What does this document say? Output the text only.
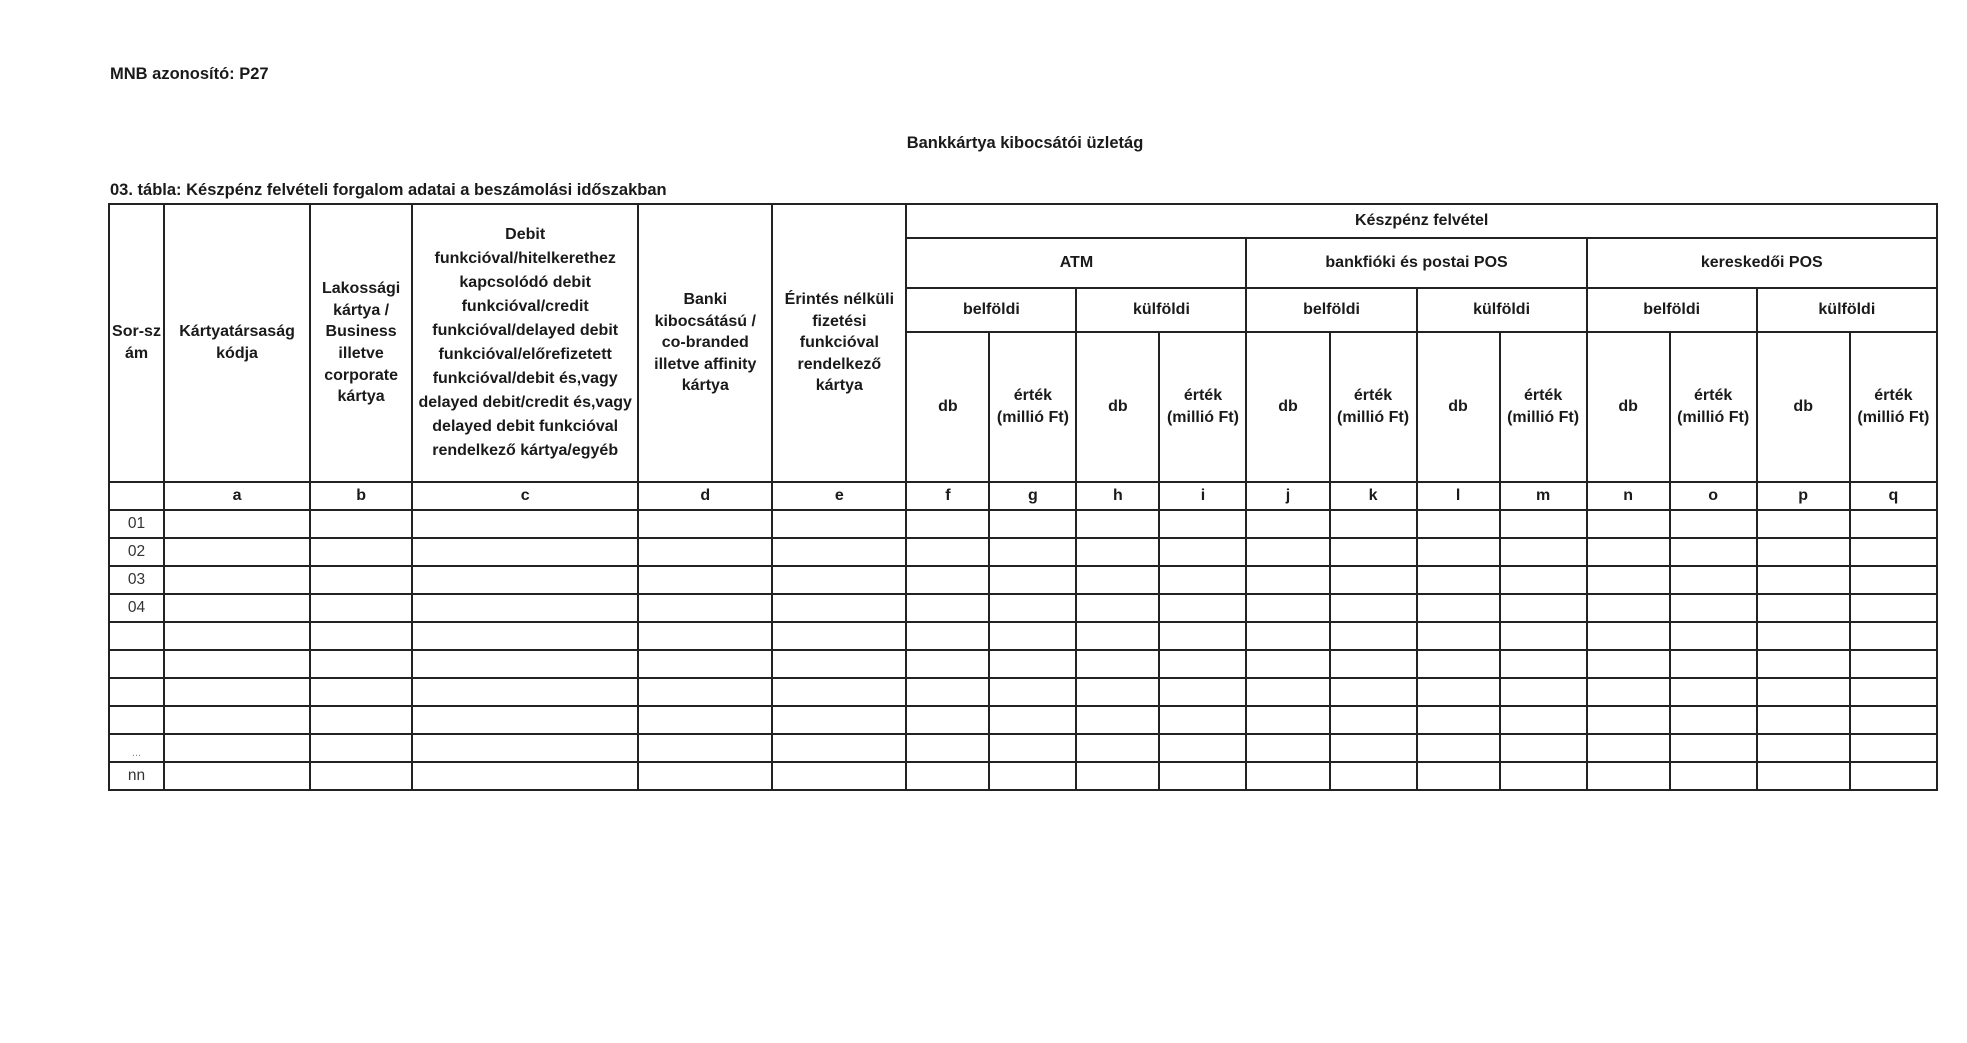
MNB azonosító: P27
Bankkártya kibocsátói üzletág
03. tábla: Készpénz felvételi forgalom adatai a beszámolási időszakban
Sor-szám	Kártyatársaság kódja	Lakossági kártya / Business illetve corporate kártya	Debit funkcióval/hitelkerethez kapcsolódó debit funkcióval/credit funkcióval/delayed debit funkcióval/előrefizetett funkcióval/debit és,vagy delayed debit/credit és,vagy delayed debit funkcióval rendelkező kártya/egyéb	Banki kibocsátású / co-branded illetve affinity kártya	Érintés nélküli fizetési funkcióval rendelkező kártya	Készpénz felvétel											
						ATM				bankfióki és postai POS				kereskedői POS			
						belföldi		külföldi		belföldi		külföldi		belföldi		külföldi	
						db	érték (millió Ft)	db	érték (millió Ft)	db	érték (millió Ft)	db	érték (millió Ft)	db	érték (millió Ft)	db	érték (millió Ft)
	a	b	c	d	e	f	g	h	i	j	k	l	m	n	o	p	q
01																	
02																	
03																	
04																	

...																	
nn																	
